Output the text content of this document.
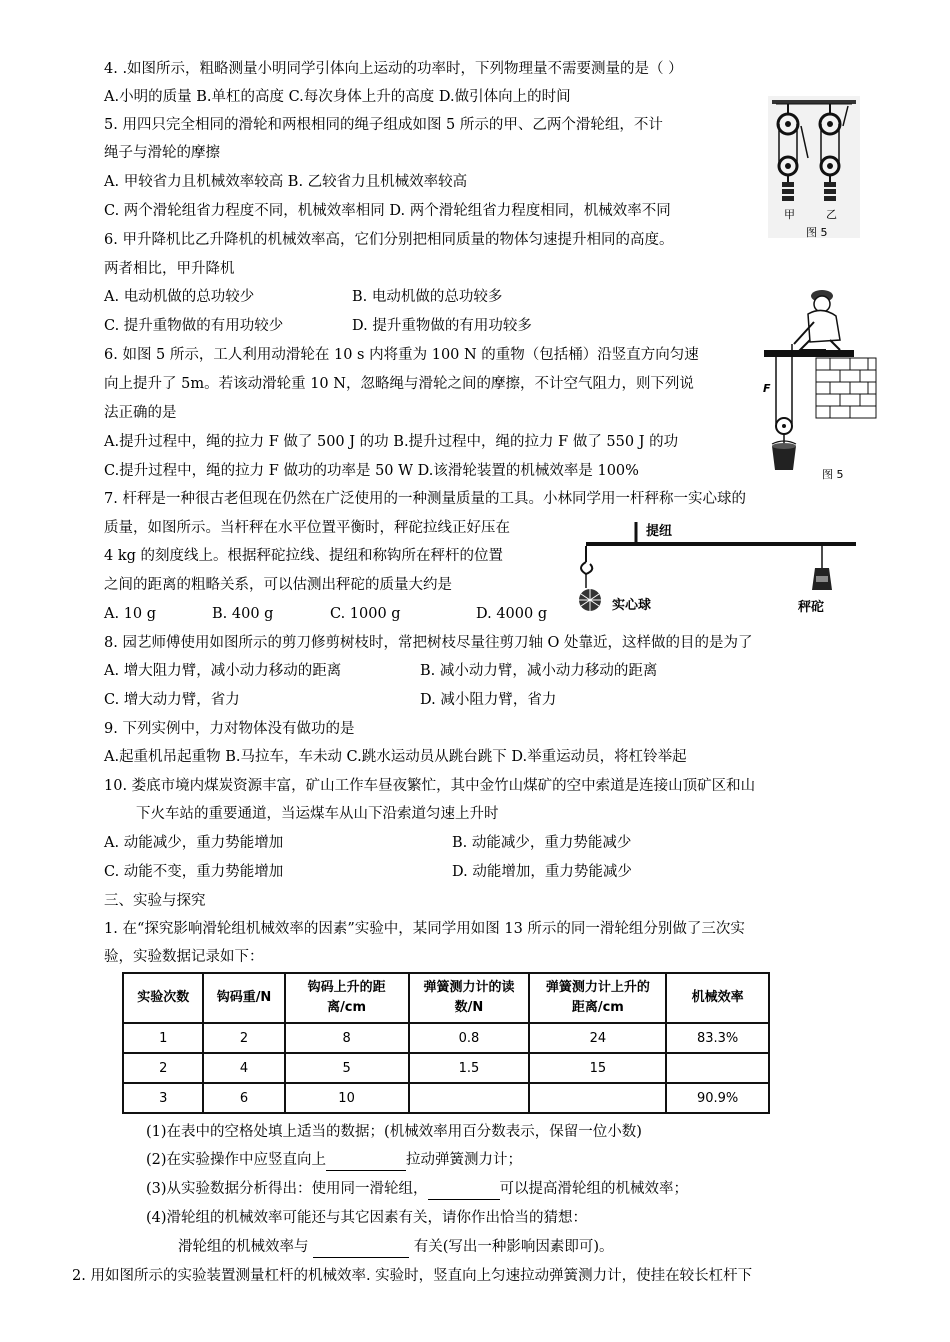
4. .如图所示，粗略测量小明同学引体向上运动的功率时，下列物理量不需要测量的是（ ）
A.小明的质量 B.单杠的高度 C.每次身体上升的高度 D.做引体向上的时间
5. 用四只完全相同的滑轮和两根相同的绳子组成如图 5 所示的甲、乙两个滑轮组，不计
绳子与滑轮的摩擦
A. 甲较省力且机械效率较高 B. 乙较省力且机械效率较高
C. 两个滑轮组省力程度不同，机械效率相同 D. 两个滑轮组省力程度相同，机械效率不同
6. 甲升降机比乙升降机的机械效率高，它们分别把相同质量的物体匀速提升相同的高度。
两者相比，甲升降机
A. 电动机做的总功较少	B. 电动机做的总功较多
C. 提升重物做的有用功较少	D. 提升重物做的有用功较多
6. 如图 5 所示，工人利用动滑轮在 10 s 内将重为 100 N 的重物（包括桶）沿竖直方向匀速
向上提升了 5m。若该动滑轮重 10 N，忽略绳与滑轮之间的摩擦，不计空气阻力，则下列说
法正确的是
A.提升过程中，绳的拉力 F 做了 500 J 的功 B.提升过程中，绳的拉力 F 做了 550 J 的功
C.提升过程中，绳的拉力 F 做功的功率是 50 W D.该滑轮装置的机械效率是 100%
7. 杆秤是一种很古老但现在仍然在广泛使用的一种测量质量的工具。小林同学用一杆秤称一实心球的
质量，如图所示。当杆秤在水平位置平衡时，秤砣拉线正好压在
4 kg 的刻度线上。根据秤砣拉线、提纽和称钩所在秤杆的位置
之间的距离的粗略关系，可以估测出秤砣的质量大约是
A. 10 g	B. 400 g	C. 1000 g	D. 4000 g
8. 园艺师傅使用如图所示的剪刀修剪树枝时，常把树枝尽量往剪刀轴 O 处靠近，这样做的目的是为了
A. 增大阻力臂，减小动力移动的距离	B. 减小动力臂，减小动力移动的距离
C. 增大动力臂，省力	D. 减小阻力臂，省力
9. 下列实例中，力对物体没有做功的是
A.起重机吊起重物 B.马拉车，车未动 C.跳水运动员从跳台跳下 D.举重运动员，将杠铃举起
10. 娄底市境内煤炭资源丰富，矿山工作车昼夜繁忙，其中金竹山煤矿的空中索道是连接山顶矿区和山
下火车站的重要通道，当运煤车从山下沿索道匀速上升时
A. 动能减少，重力势能增加	B. 动能减少，重力势能减少
C. 动能不变，重力势能增加	D. 动能增加，重力势能减少
三、实验与探究
1. 在“探究影响滑轮组机械效率的因素”实验中，某同学用如图 13 所示的同一滑轮组分别做了三次实
验，实验数据记录如下：
实验次数	钩码重/N	钩码上升的距离/cm	弹簧测力计的读数/N	弹簧测力计上升的距离/cm	机械效率
1	2	8	0.8	24	83.3%
2	4	5	1.5	15	
3	6	10			90.9%
(1)在表中的空格处填上适当的数据；(机械效率用百分数表示，保留一位小数)
(2)在实验操作中应竖直向上	拉动弹簧测力计；
(3)从实验数据分析得出：使用同一滑轮组，	可以提高滑轮组的机械效率；
(4)滑轮组的机械效率可能还与其它因素有关，请你作出恰当的猜想：
滑轮组的机械效率与	有关(写出一种影响因素即可)。
2. 用如图所示的实验装置测量杠杆的机械效率. 实验时，竖直向上匀速拉动弹簧测力计，使挂在较长杠杆下
甲	乙
图 5
F
图 5
提纽
实心球	秤砣
